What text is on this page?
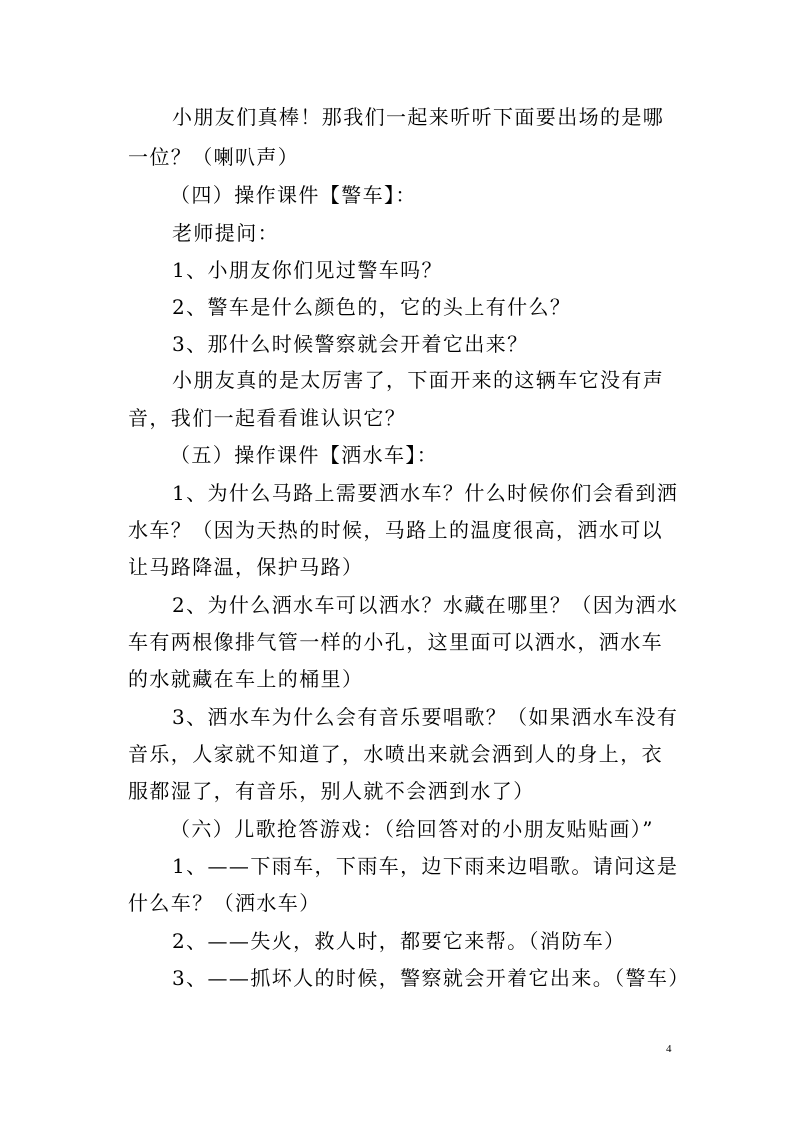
小朋友们真棒！那我们一起来听听下面要出场的是哪
一位？（喇叭声）
（四）操作课件【警车】：
老师提问：
1、小朋友你们见过警车吗？
2、警车是什么颜色的，它的头上有什么？
3、那什么时候警察就会开着它出来？
小朋友真的是太厉害了，下面开来的这辆车它没有声
音，我们一起看看谁认识它？
（五）操作课件【洒水车】：
1、为什么马路上需要洒水车？什么时候你们会看到洒
水车？（因为天热的时候，马路上的温度很高，洒水可以
让马路降温，保护马路）
2、为什么洒水车可以洒水？水藏在哪里？（因为洒水
车有两根像排气管一样的小孔，这里面可以洒水，洒水车
的水就藏在车上的桶里）
3、洒水车为什么会有音乐要唱歌？（如果洒水车没有
音乐，人家就不知道了，水喷出来就会洒到人的身上，衣
服都湿了，有音乐，别人就不会洒到水了）
（六）儿歌抢答游戏：（给回答对的小朋友贴贴画）”
1、——下雨车，下雨车，边下雨来边唱歌。请问这是
什么车？（洒水车）
2、——失火，救人时，都要它来帮。（消防车）
3、——抓坏人的时候，警察就会开着它出来。（警车）
4
